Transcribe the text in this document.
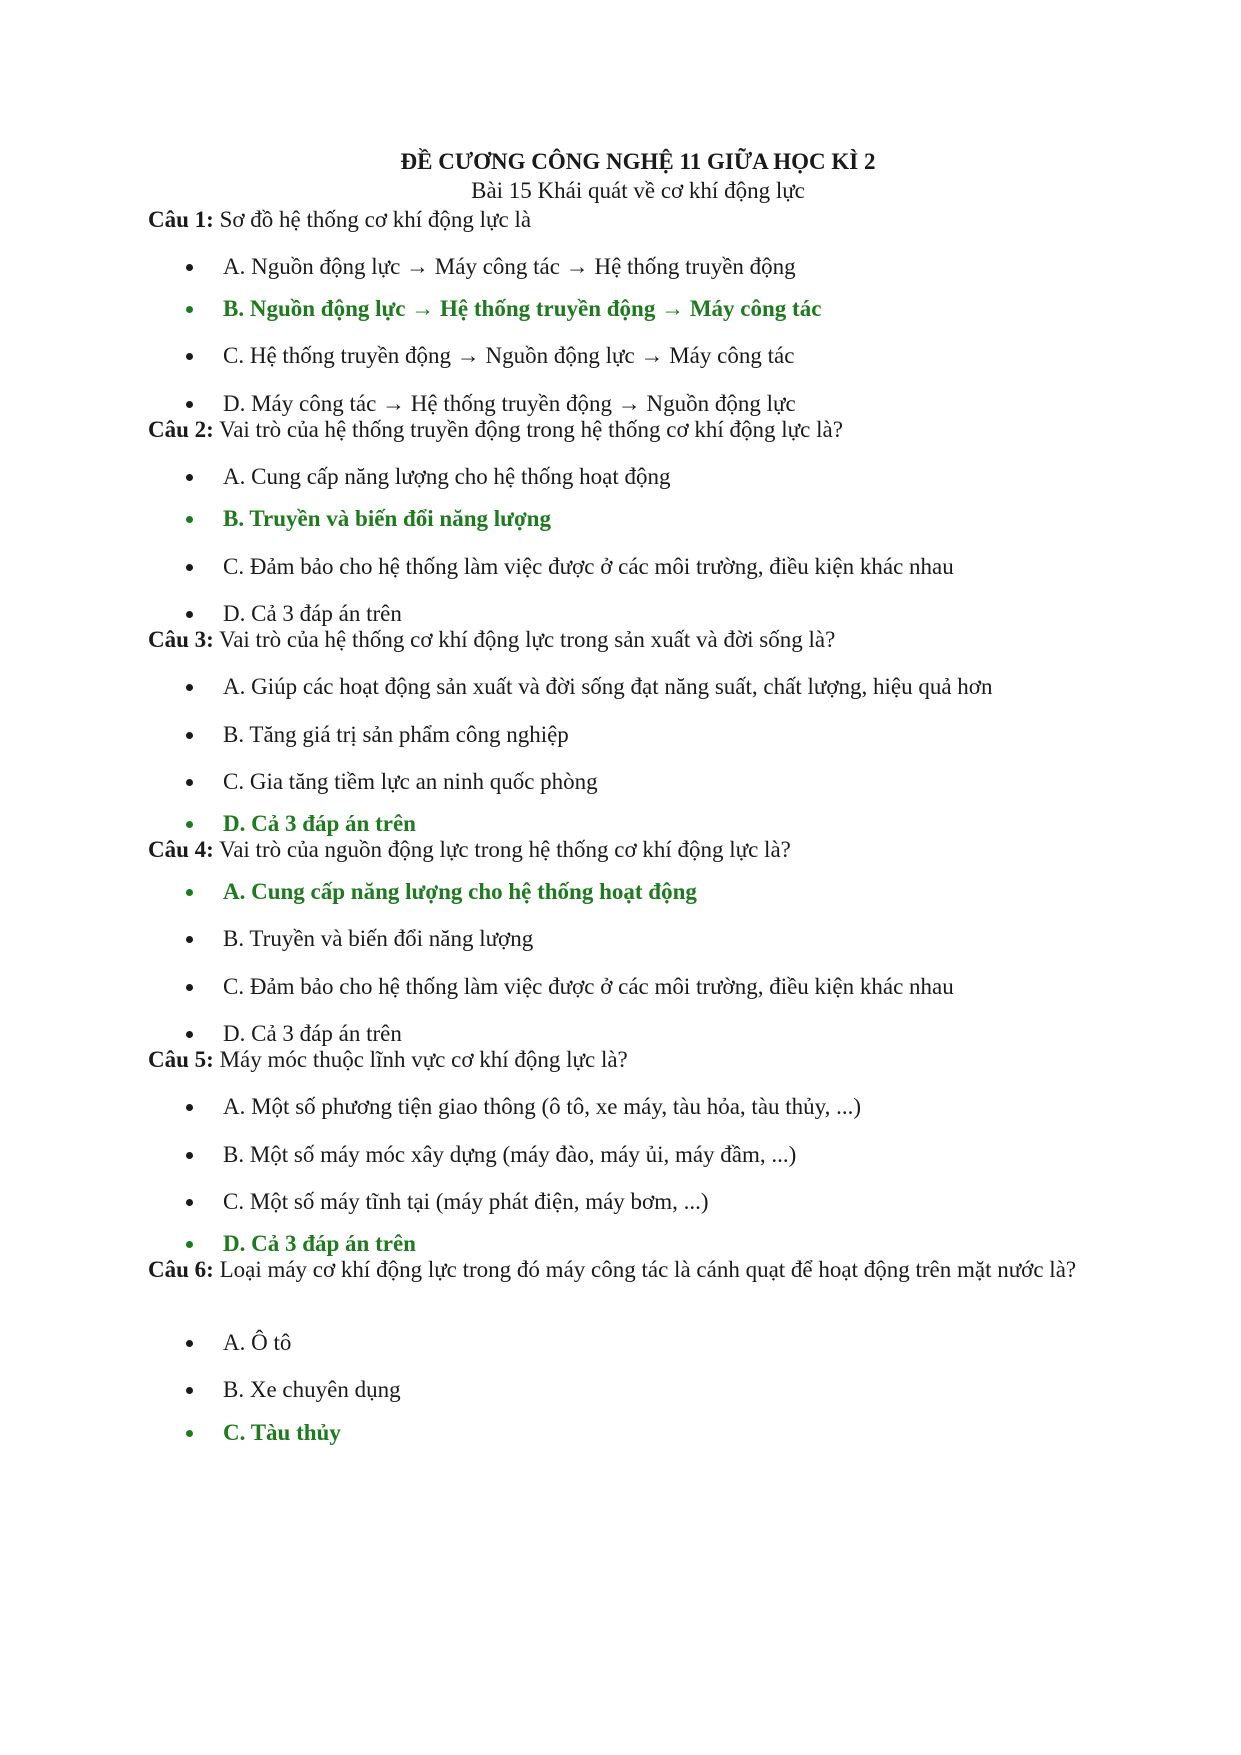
ĐỀ CƯƠNG CÔNG NGHỆ 11 GIỮA HỌC KÌ 2
Bài 15 Khái quát về cơ khí động lực

Câu 1: Sơ đồ hệ thống cơ khí động lực là

A. Nguồn động lực → Máy công tác → Hệ thống truyền động

B. Nguồn động lực → Hệ thống truyền động → Máy công tác

C. Hệ thống truyền động → Nguồn động lực → Máy công tác

D. Máy công tác → Hệ thống truyền động → Nguồn động lực

Câu 2: Vai trò của hệ thống truyền động trong hệ thống cơ khí động lực là?

A. Cung cấp năng lượng cho hệ thống hoạt động

B. Truyền và biến đổi năng lượng

C. Đảm bảo cho hệ thống làm việc được ở các môi trường, điều kiện khác nhau

D. Cả 3 đáp án trên

Câu 3: Vai trò của hệ thống cơ khí động lực trong sản xuất và đời sống là?

A. Giúp các hoạt động sản xuất và đời sống đạt năng suất, chất lượng, hiệu quả hơn

B. Tăng giá trị sản phẩm công nghiệp

C. Gia tăng tiềm lực an ninh quốc phòng

D. Cả 3 đáp án trên

Câu 4: Vai trò của nguồn động lực trong hệ thống cơ khí động lực là?

A. Cung cấp năng lượng cho hệ thống hoạt động

B. Truyền và biến đổi năng lượng

C. Đảm bảo cho hệ thống làm việc được ở các môi trường, điều kiện khác nhau

D. Cả 3 đáp án trên

Câu 5: Máy móc thuộc lĩnh vực cơ khí động lực là?

A. Một số phương tiện giao thông (ô tô, xe máy, tàu hỏa, tàu thủy, ...)

B. Một số máy móc xây dựng (máy đào, máy ủi, máy đầm, ...)

C. Một số máy tĩnh tại (máy phát điện, máy bơm, ...)

D. Cả 3 đáp án trên

Câu 6: Loại máy cơ khí động lực trong đó máy công tác là cánh quạt để hoạt động trên mặt nước là?

A. Ô tô

B. Xe chuyên dụng

C. Tàu thủy
